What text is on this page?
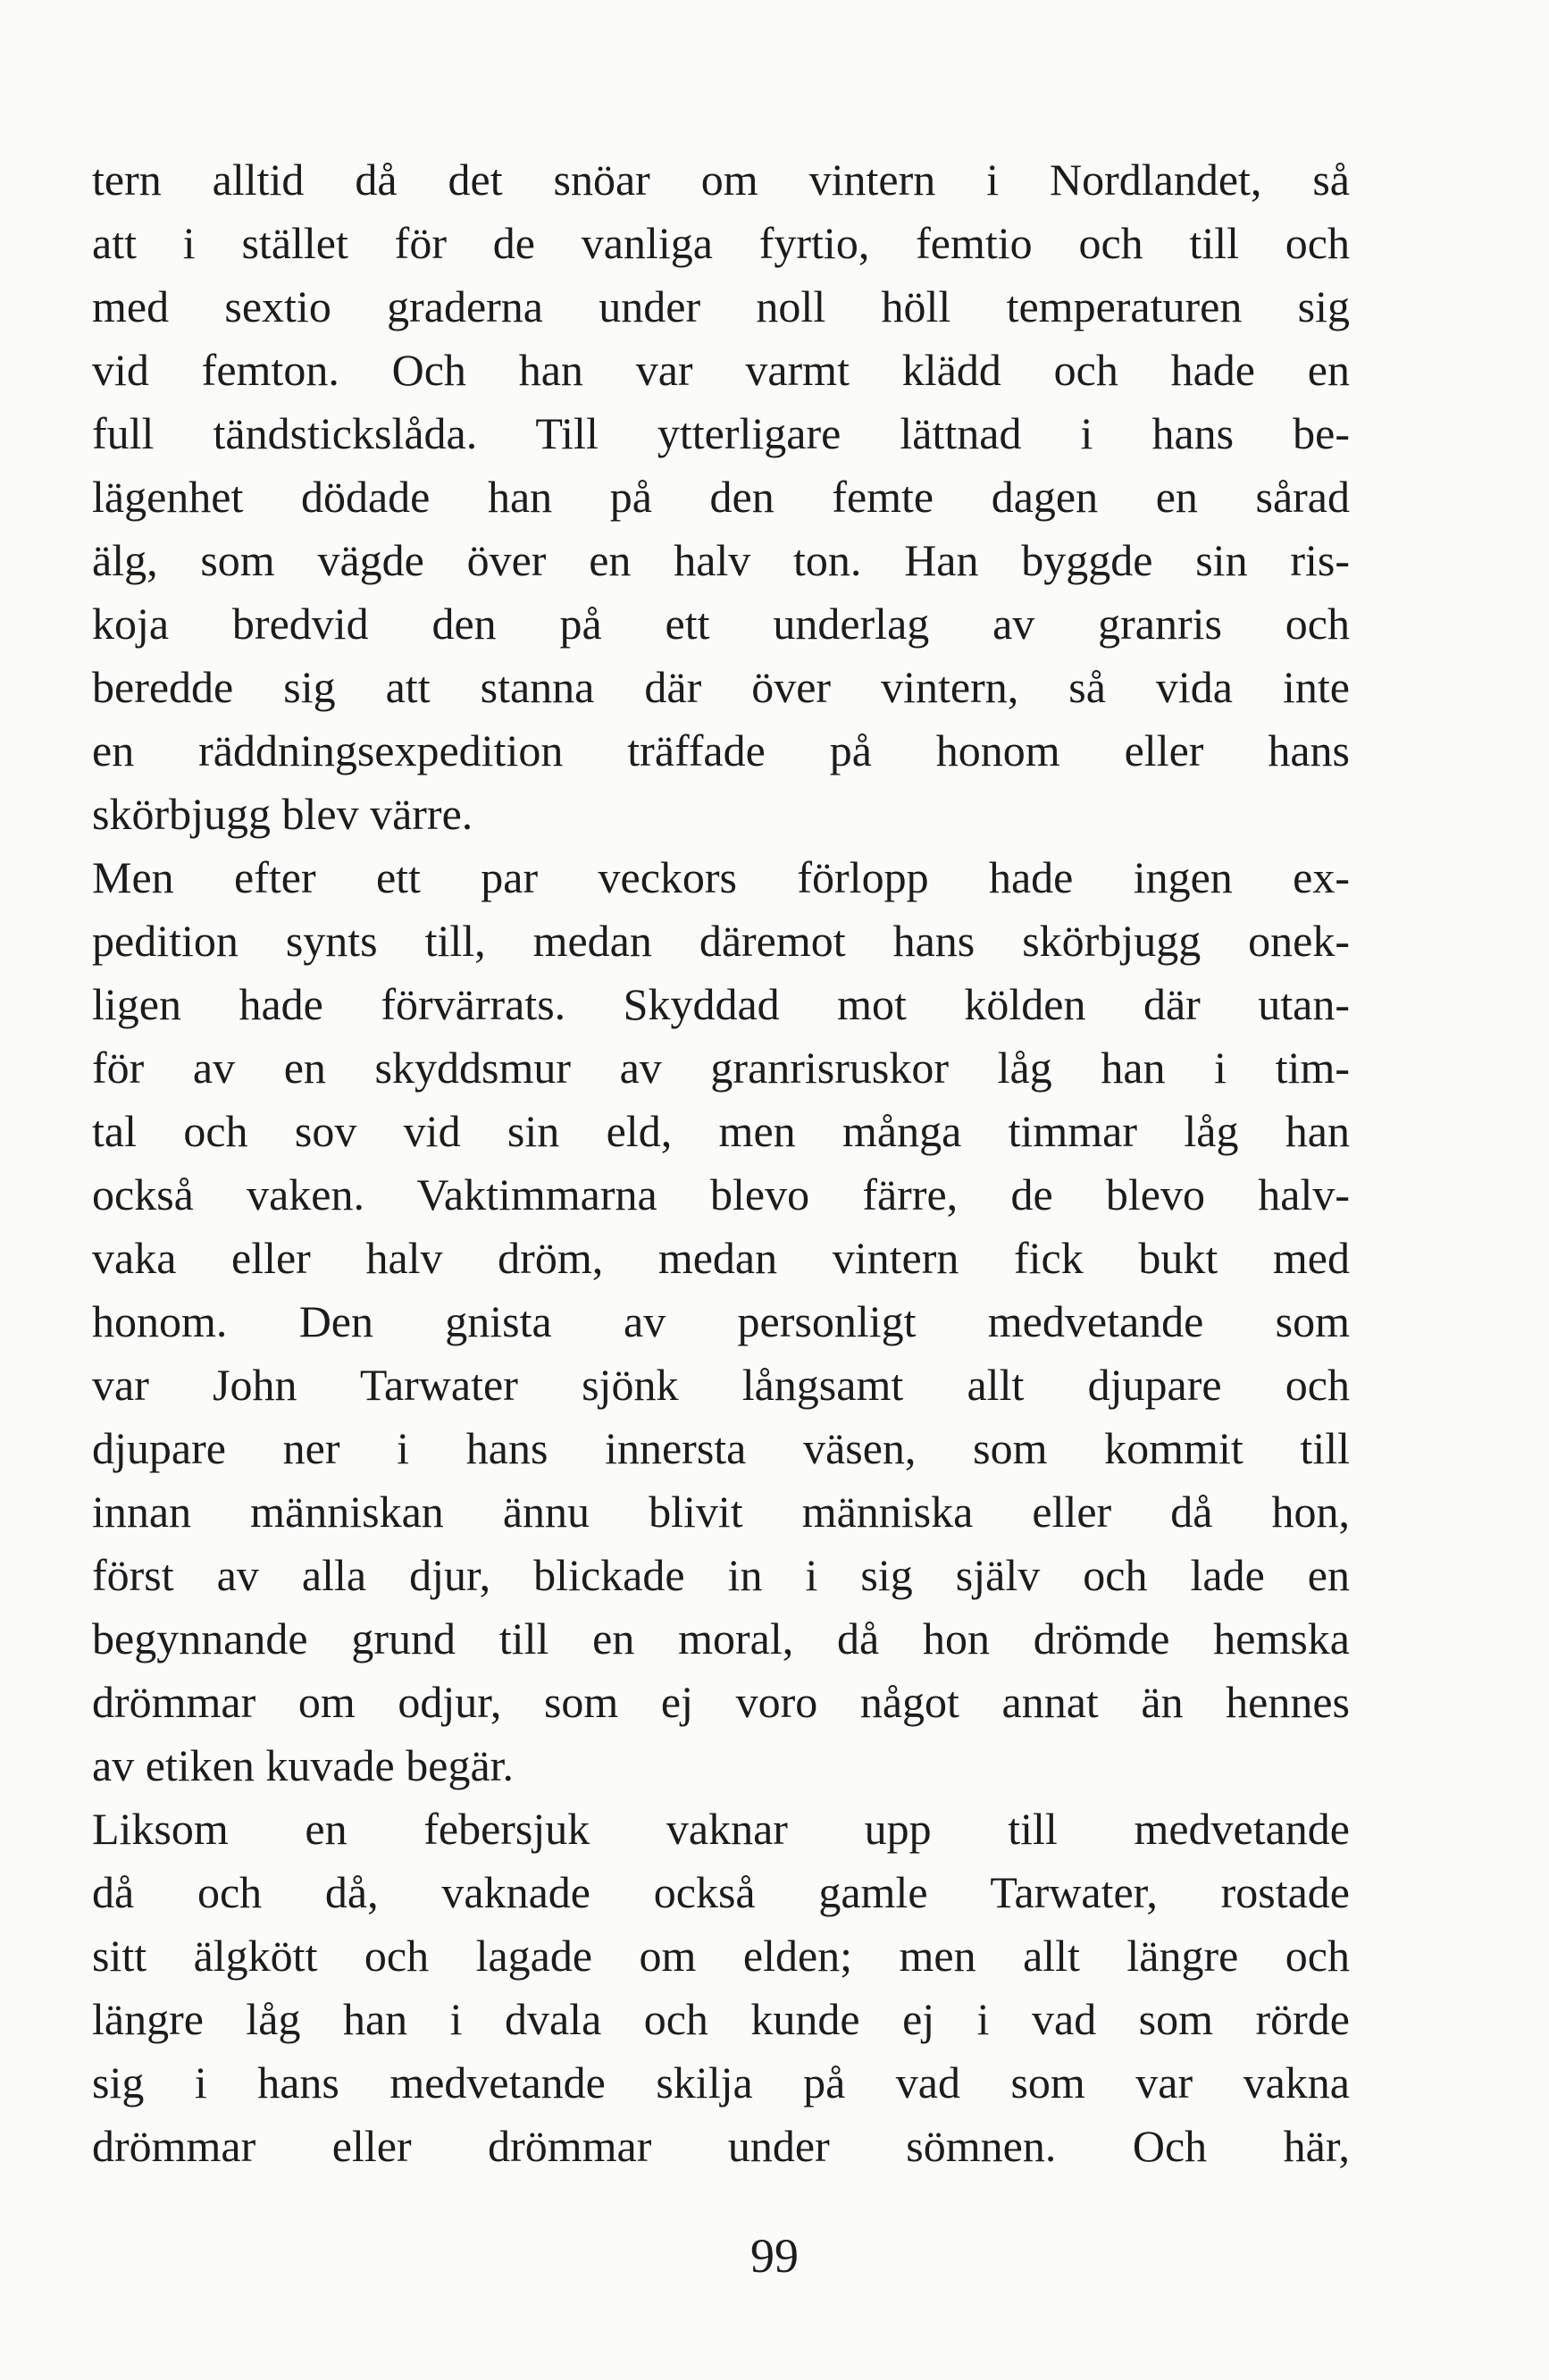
tern alltid då det snöar om vintern i Nordlandet, så
att i stället för de vanliga fyrtio, femtio och till och
med sextio graderna under noll höll temperaturen sig
vid femton. Och han var varmt klädd och hade en
full tändstickslåda. Till ytterligare lättnad i hans be-
lägenhet dödade han på den femte dagen en sårad
älg, som vägde över en halv ton. Han byggde sin ris-
koja bredvid den på ett underlag av granris och
beredde sig att stanna där över vintern, så vida inte
en räddningsexpedition träffade på honom eller hans
skörbjugg blev värre.
Men efter ett par veckors förlopp hade ingen ex-
pedition synts till, medan däremot hans skörbjugg onek-
ligen hade förvärrats. Skyddad mot kölden där utan-
för av en skyddsmur av granrisruskor låg han i tim-
tal och sov vid sin eld, men många timmar låg han
också vaken. Vaktimmarna blevo färre, de blevo halv-
vaka eller halv dröm, medan vintern fick bukt med
honom. Den gnista av personligt medvetande som
var John Tarwater sjönk långsamt allt djupare och
djupare ner i hans innersta väsen, som kommit till
innan människan ännu blivit människa eller då hon,
först av alla djur, blickade in i sig själv och lade en
begynnande grund till en moral, då hon drömde hemska
drömmar om odjur, som ej voro något annat än hennes
av etiken kuvade begär.
Liksom en febersjuk vaknar upp till medvetande
då och då, vaknade också gamle Tarwater, rostade
sitt älgkött och lagade om elden; men allt längre och
längre låg han i dvala och kunde ej i vad som rörde
sig i hans medvetande skilja på vad som var vakna
drömmar eller drömmar under sömnen. Och här,
99
